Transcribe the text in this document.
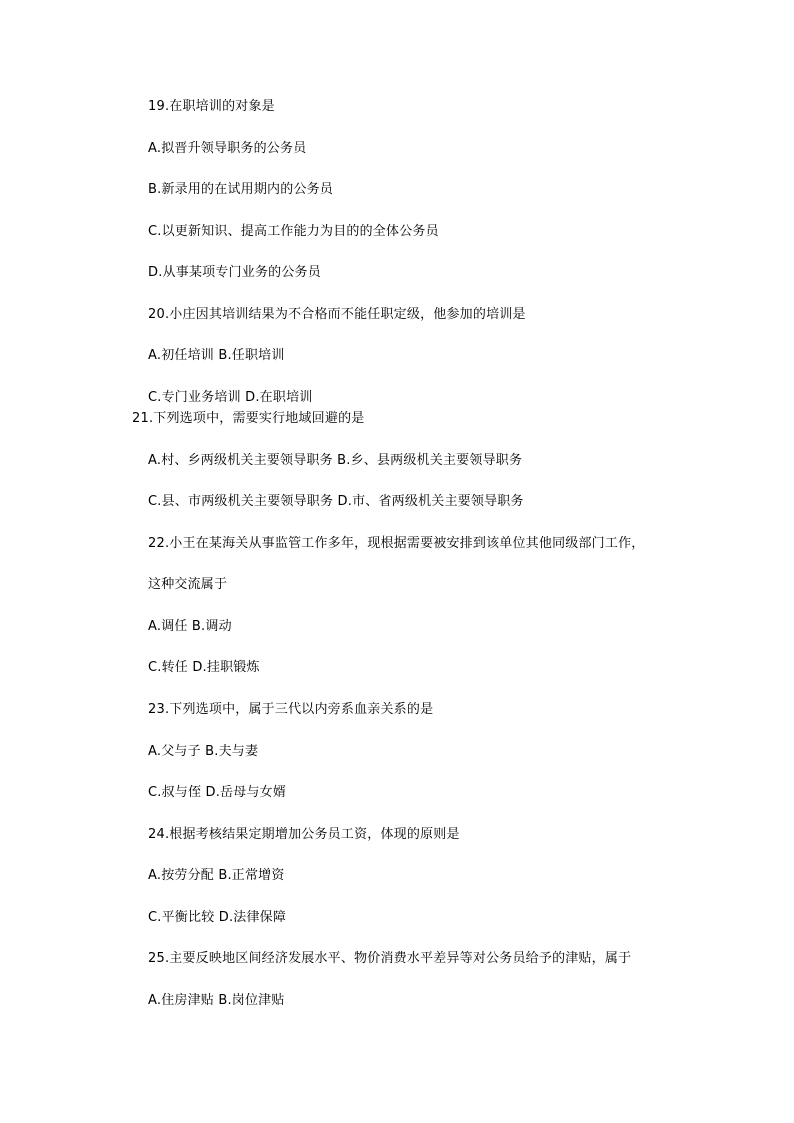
19.在职培训的对象是
A.拟晋升领导职务的公务员
B.新录用的在试用期内的公务员
C.以更新知识、提高工作能力为目的的全体公务员
D.从事某项专门业务的公务员
20.小庄因其培训结果为不合格而不能任职定级，他参加的培训是
A.初任培训 B.任职培训
C.专门业务培训 D.在职培训
21.下列选项中，需要实行地域回避的是
A.村、乡两级机关主要领导职务 B.乡、县两级机关主要领导职务
C.县、市两级机关主要领导职务 D.市、省两级机关主要领导职务
22.小王在某海关从事监管工作多年，现根据需要被安排到该单位其他同级部门工作，
这种交流属于
A.调任 B.调动
C.转任 D.挂职锻炼
23.下列选项中，属于三代以内旁系血亲关系的是
A.父与子 B.夫与妻
C.叔与侄 D.岳母与女婿
24.根据考核结果定期增加公务员工资，体现的原则是
A.按劳分配 B.正常增资
C.平衡比较 D.法律保障
25.主要反映地区间经济发展水平、物价消费水平差异等对公务员给予的津贴，属于
A.住房津贴 B.岗位津贴
